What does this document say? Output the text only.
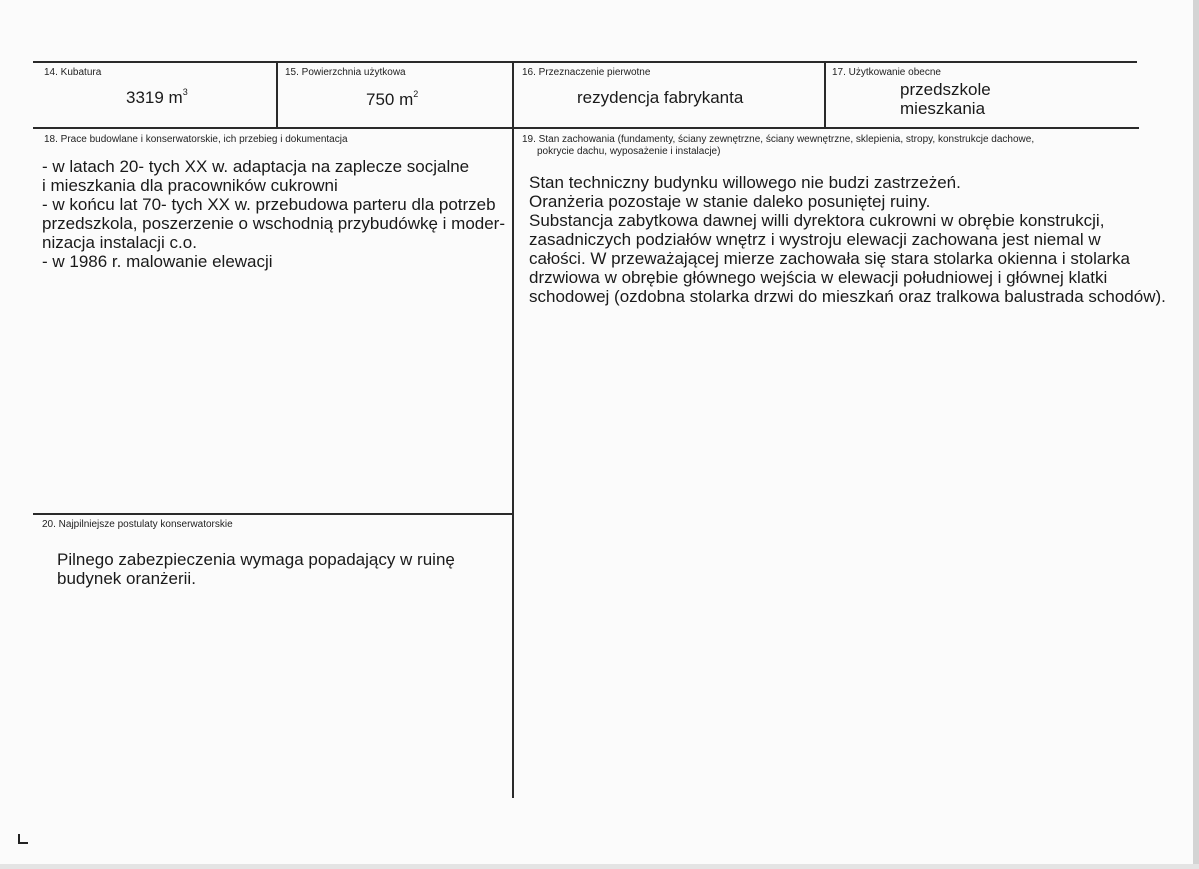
14. Kubatura
3319 $m^3$
15. Powierzchnia użytkowa
750 $m^2$
16. Przeznaczenie pierwotne
rezydencja fabrykanta
17. Użytkowanie obecne
przedszkole
mieszkania
18. Prace budowlane i konserwatorskie, ich przebieg i dokumentacja
- w latach 20- tych XX w. adaptacja na zaplecze socjalne
i mieszkania dla pracowników cukrowni
- w końcu lat 70- tych XX w. przebudowa parteru dla potrzeb
przedszkola, poszerzenie o wschodnią przybudówkę i moder-
nizacja instalacji c.o.
- w 1986 r. malowanie elewacji
19. Stan zachowania (fundamenty, ściany zewnętrzne, ściany wewnętrzne, sklepienia, stropy, konstrukcje dachowe,
pokrycie dachu, wyposażenie i instalacje)
Stan techniczny budynku willowego nie budzi zastrzeżeń.
Oranżeria pozostaje w stanie daleko posuniętej ruiny.
Substancja zabytkowa dawnej willi dyrektora cukrowni w obrębie konstrukcji,
zasadniczych podziałów wnętrz i wystroju elewacji zachowana jest niemal w
całości. W przeważającej mierze zachowała się stara stolarka okienna i stolarka
drzwiowa w obrębie głównego wejścia w elewacji południowej i głównej klatki
schodowej (ozdobna stolarka drzwi do mieszkań oraz tralkowa balustrada schodów).
20. Najpilniejsze postulaty konserwatorskie
Pilnego zabezpieczenia wymaga popadający w ruinę
budynek oranżerii.
